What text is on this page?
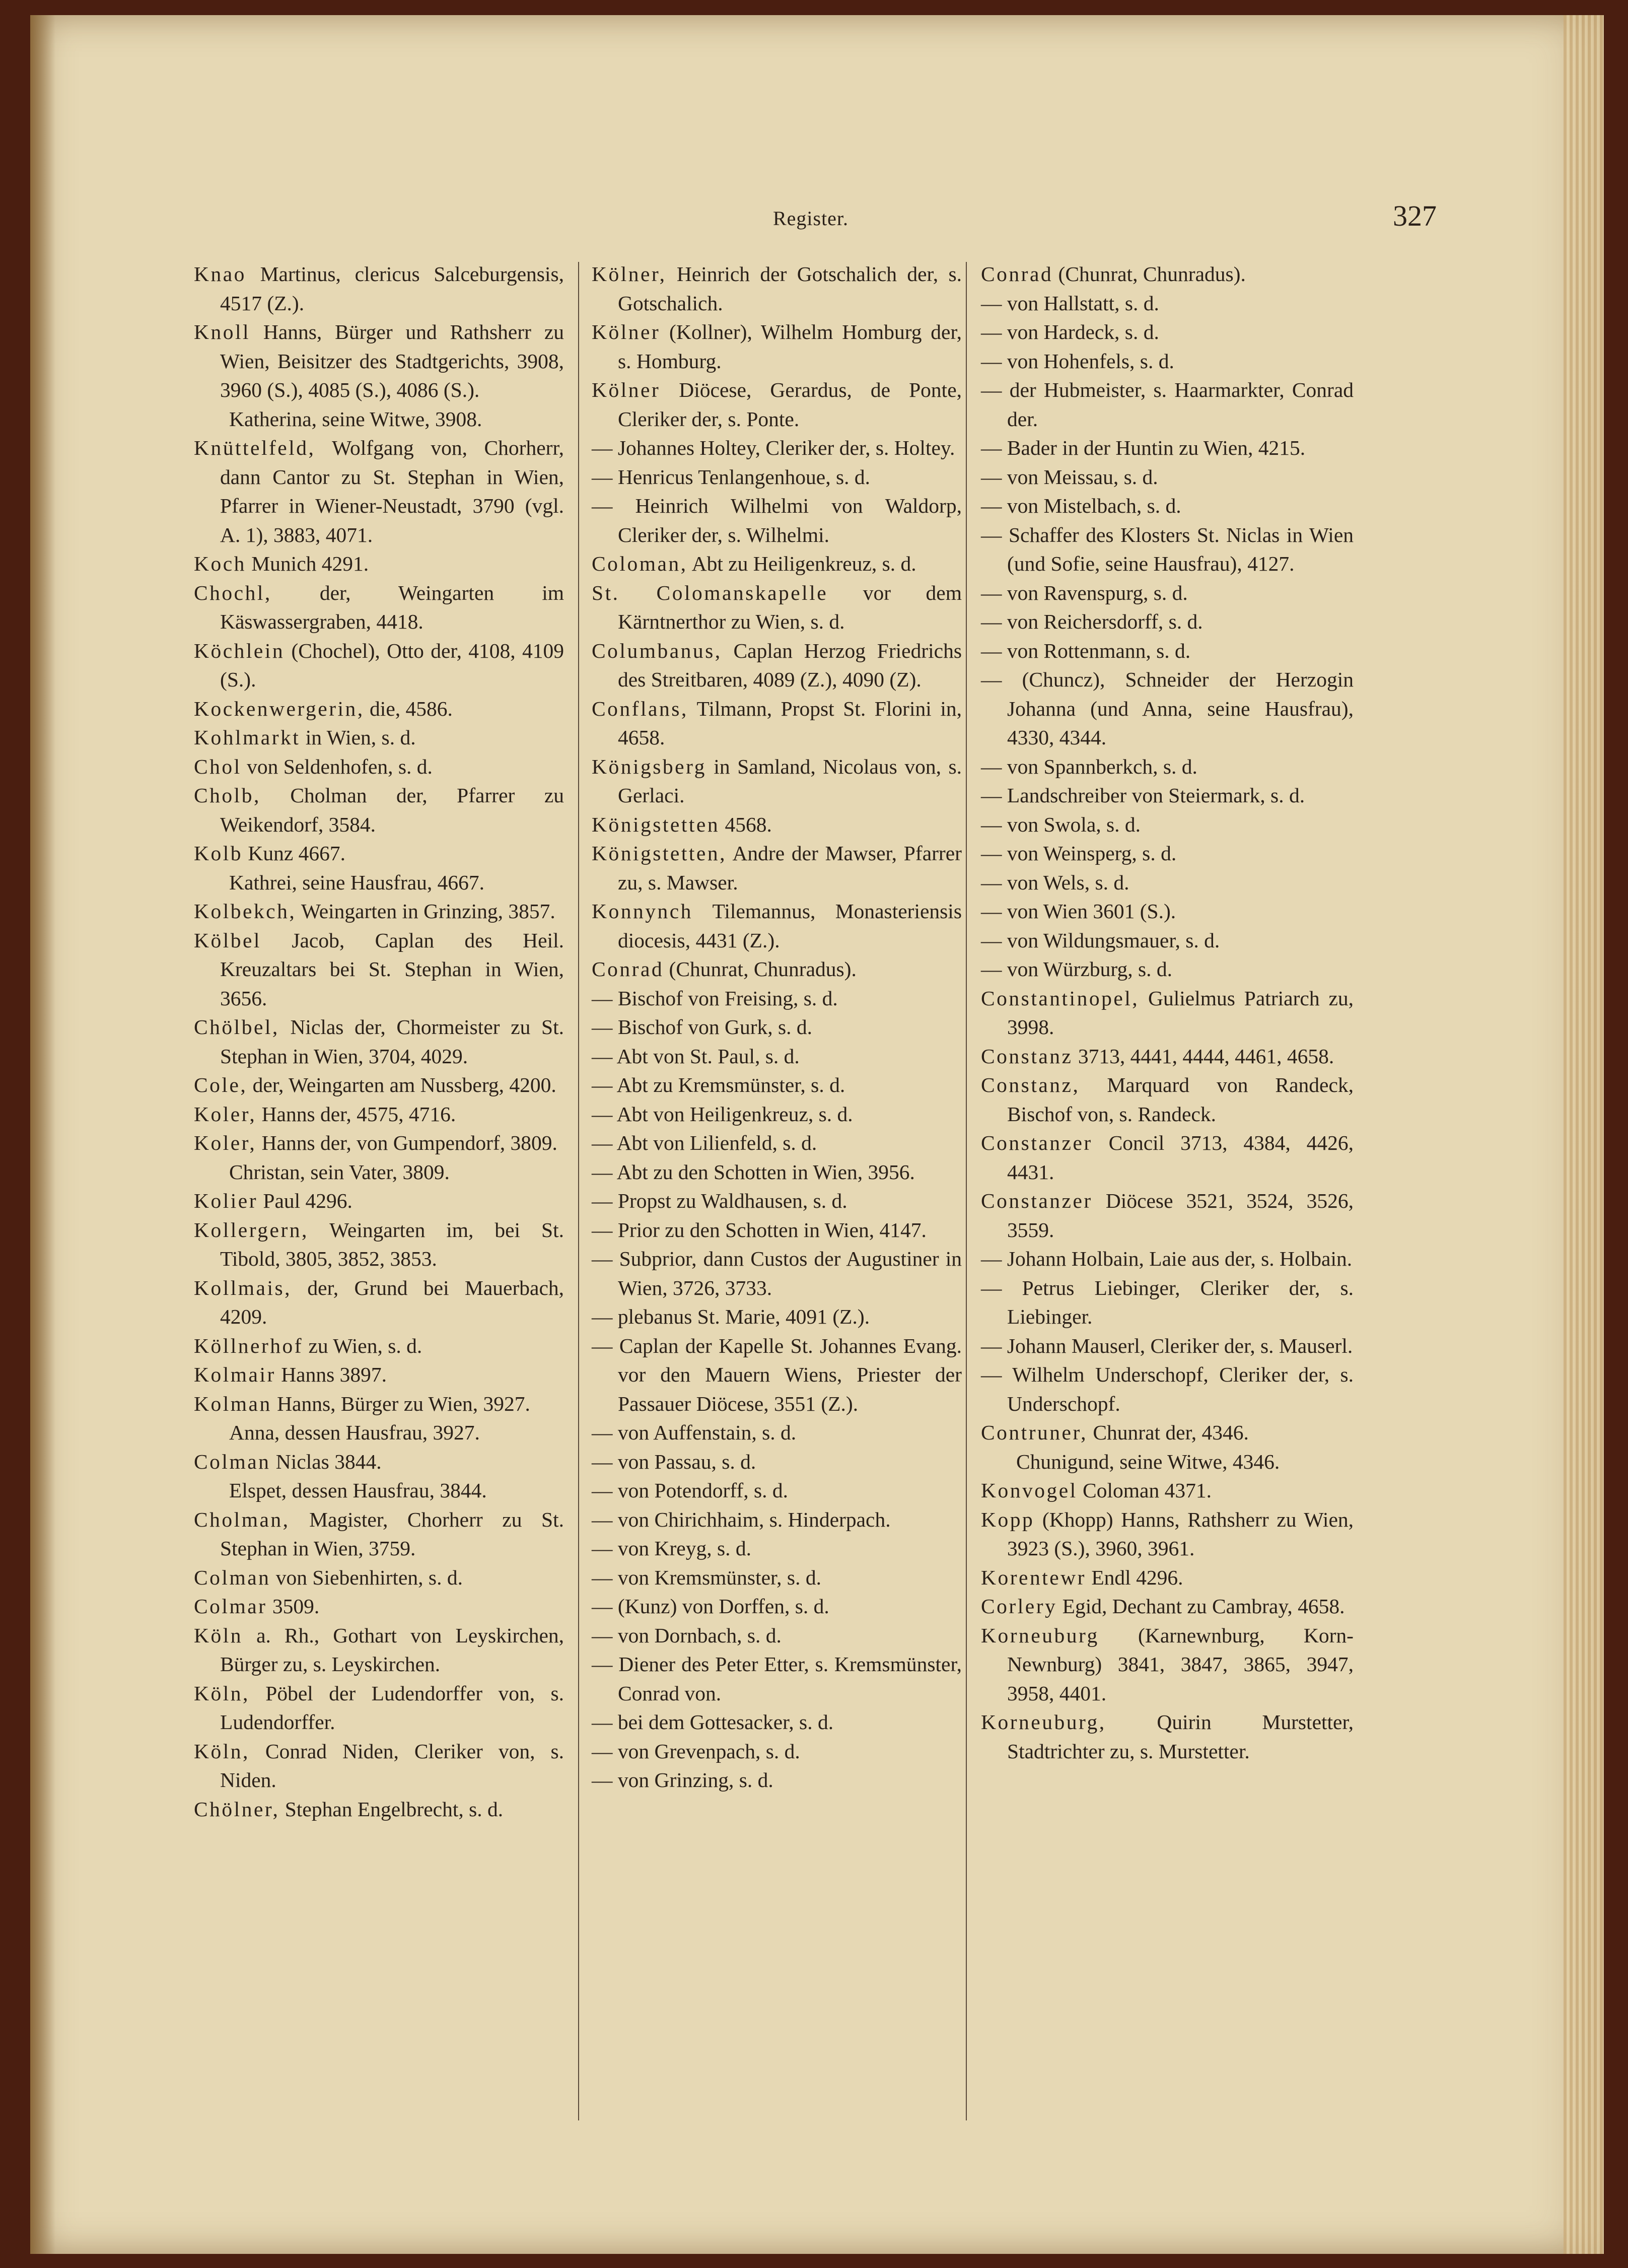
Register.	327

Knao Martinus, clericus Salceburgensis, 4517 (Z.).

Knoll Hanns, Bürger und Rathsherr zu Wien, Beisitzer des Stadtgerichts, 3908, 3960 (S.), 4085 (S.), 4086 (S.).

Katherina, seine Witwe, 3908.

Knüttelfeld, Wolfgang von, Chorherr, dann Cantor zu St. Stephan in Wien, Pfarrer in Wiener-Neustadt, 3790 (vgl. A. 1), 3883, 4071.

Koch Munich 4291.

Chochl, der, Weingarten im Käswassergraben, 4418.

Köchlein (Chochel), Otto der, 4108, 4109 (S.).

Kockenwergerin, die, 4586.

Kohlmarkt in Wien, s. d.

Chol von Seldenhofen, s. d.

Cholb, Cholman der, Pfarrer zu Weikendorf, 3584.

Kolb Kunz 4667.

Kathrei, seine Hausfrau, 4667.

Kolbekch, Weingarten in Grinzing, 3857.

Kölbel Jacob, Caplan des Heil. Kreuzaltars bei St. Stephan in Wien, 3656.

Chölbel, Niclas der, Chormeister zu St. Stephan in Wien, 3704, 4029.

Cole, der, Weingarten am Nussberg, 4200.

Koler, Hanns der, 4575, 4716.

Koler, Hanns der, von Gumpendorf, 3809.

Christan, sein Vater, 3809.

Kolier Paul 4296.

Kollergern, Weingarten im, bei St. Tibold, 3805, 3852, 3853.

Kollmais, der, Grund bei Mauerbach, 4209.

Köllnerhof zu Wien, s. d.

Kolmair Hanns 3897.

Kolman Hanns, Bürger zu Wien, 3927.

Anna, dessen Hausfrau, 3927.

Colman Niclas 3844.

Elspet, dessen Hausfrau, 3844.

Cholman, Magister, Chorherr zu St. Stephan in Wien, 3759.

Colman von Siebenhirten, s. d.

Colmar 3509.

Köln a. Rh., Gothart von Leyskirchen, Bürger zu, s. Leyskirchen.

Köln, Pöbel der Ludendorffer von, s. Ludendorffer.

Köln, Conrad Niden, Cleriker von, s. Niden.

Chölner, Stephan Engelbrecht, s. d.

Kölner, Heinrich der Gotschalich der, s. Gotschalich.

Kölner (Kollner), Wilhelm Homburg der, s. Homburg.

Kölner Diöcese, Gerardus, de Ponte, Cleriker der, s. Ponte.

— Johannes Holtey, Cleriker der, s. Holtey.

— Henricus Tenlangenhoue, s. d.

— Heinrich Wilhelmi von Waldorp, Cleriker der, s. Wilhelmi.

Coloman, Abt zu Heiligenkreuz, s. d.

St. Colomanskapelle vor dem Kärntnerthor zu Wien, s. d.

Columbanus, Caplan Herzog Friedrichs des Streitbaren, 4089 (Z.), 4090 (Z).

Conflans, Tilmann, Propst St. Florini in, 4658.

Königsberg in Samland, Nicolaus von, s. Gerlaci.

Königstetten 4568.

Königstetten, Andre der Mawser, Pfarrer zu, s. Mawser.

Konnynch Tilemannus, Monasteriensis diocesis, 4431 (Z.).

Conrad (Chunrat, Chunradus).

— Bischof von Freising, s. d.

— Bischof von Gurk, s. d.

— Abt von St. Paul, s. d.

— Abt zu Kremsmünster, s. d.

— Abt von Heiligenkreuz, s. d.

— Abt von Lilienfeld, s. d.

— Abt zu den Schotten in Wien, 3956.

— Propst zu Waldhausen, s. d.

— Prior zu den Schotten in Wien, 4147.

— Subprior, dann Custos der Augustiner in Wien, 3726, 3733.

— plebanus St. Marie, 4091 (Z.).

— Caplan der Kapelle St. Johannes Evang. vor den Mauern Wiens, Priester der Passauer Diöcese, 3551 (Z.).

— von Auffenstain, s. d.

— von Passau, s. d.

— von Potendorff, s. d.

— von Chirichhaim, s. Hinderpach.

— von Kreyg, s. d.

— von Kremsmünster, s. d.

— (Kunz) von Dorffen, s. d.

— von Dornbach, s. d.

— Diener des Peter Etter, s. Kremsmünster, Conrad von.

— bei dem Gottesacker, s. d.

— von Grevenpach, s. d.

— von Grinzing, s. d.

Conrad (Chunrat, Chunradus).

— von Hallstatt, s. d.

— von Hardeck, s. d.

— von Hohenfels, s. d.

— der Hubmeister, s. Haarmarkter, Conrad der.

— Bader in der Huntin zu Wien, 4215.

— von Meissau, s. d.

— von Mistelbach, s. d.

— Schaffer des Klosters St. Niclas in Wien (und Sofie, seine Hausfrau), 4127.

— von Ravenspurg, s. d.

— von Reichersdorff, s. d.

— von Rottenmann, s. d.

— (Chuncz), Schneider der Herzogin Johanna (und Anna, seine Hausfrau), 4330, 4344.

— von Spannberkch, s. d.

— Landschreiber von Steiermark, s. d.

— von Swola, s. d.

— von Weinsperg, s. d.

— von Wels, s. d.

— von Wien 3601 (S.).

— von Wildungsmauer, s. d.

— von Würzburg, s. d.

Constantinopel, Gulielmus Patriarch zu, 3998.

Constanz 3713, 4441, 4444, 4461, 4658.

Constanz, Marquard von Randeck, Bischof von, s. Randeck.

Constanzer Concil 3713, 4384, 4426, 4431.

Constanzer Diöcese 3521, 3524, 3526, 3559.

— Johann Holbain, Laie aus der, s. Holbain.

— Petrus Liebinger, Cleriker der, s. Liebinger.

— Johann Mauserl, Cleriker der, s. Mauserl.

— Wilhelm Underschopf, Cleriker der, s. Underschopf.

Contruner, Chunrat der, 4346.

Chunigund, seine Witwe, 4346.

Konvogel Coloman 4371.

Kopp (Khopp) Hanns, Rathsherr zu Wien, 3923 (S.), 3960, 3961.

Korentewr Endl 4296.

Corlery Egid, Dechant zu Cambray, 4658.

Korneuburg (Karnewnburg, Korn-Newnburg) 3841, 3847, 3865, 3947, 3958, 4401.

Korneuburg, Quirin Murstetter, Stadtrichter zu, s. Murstetter.
